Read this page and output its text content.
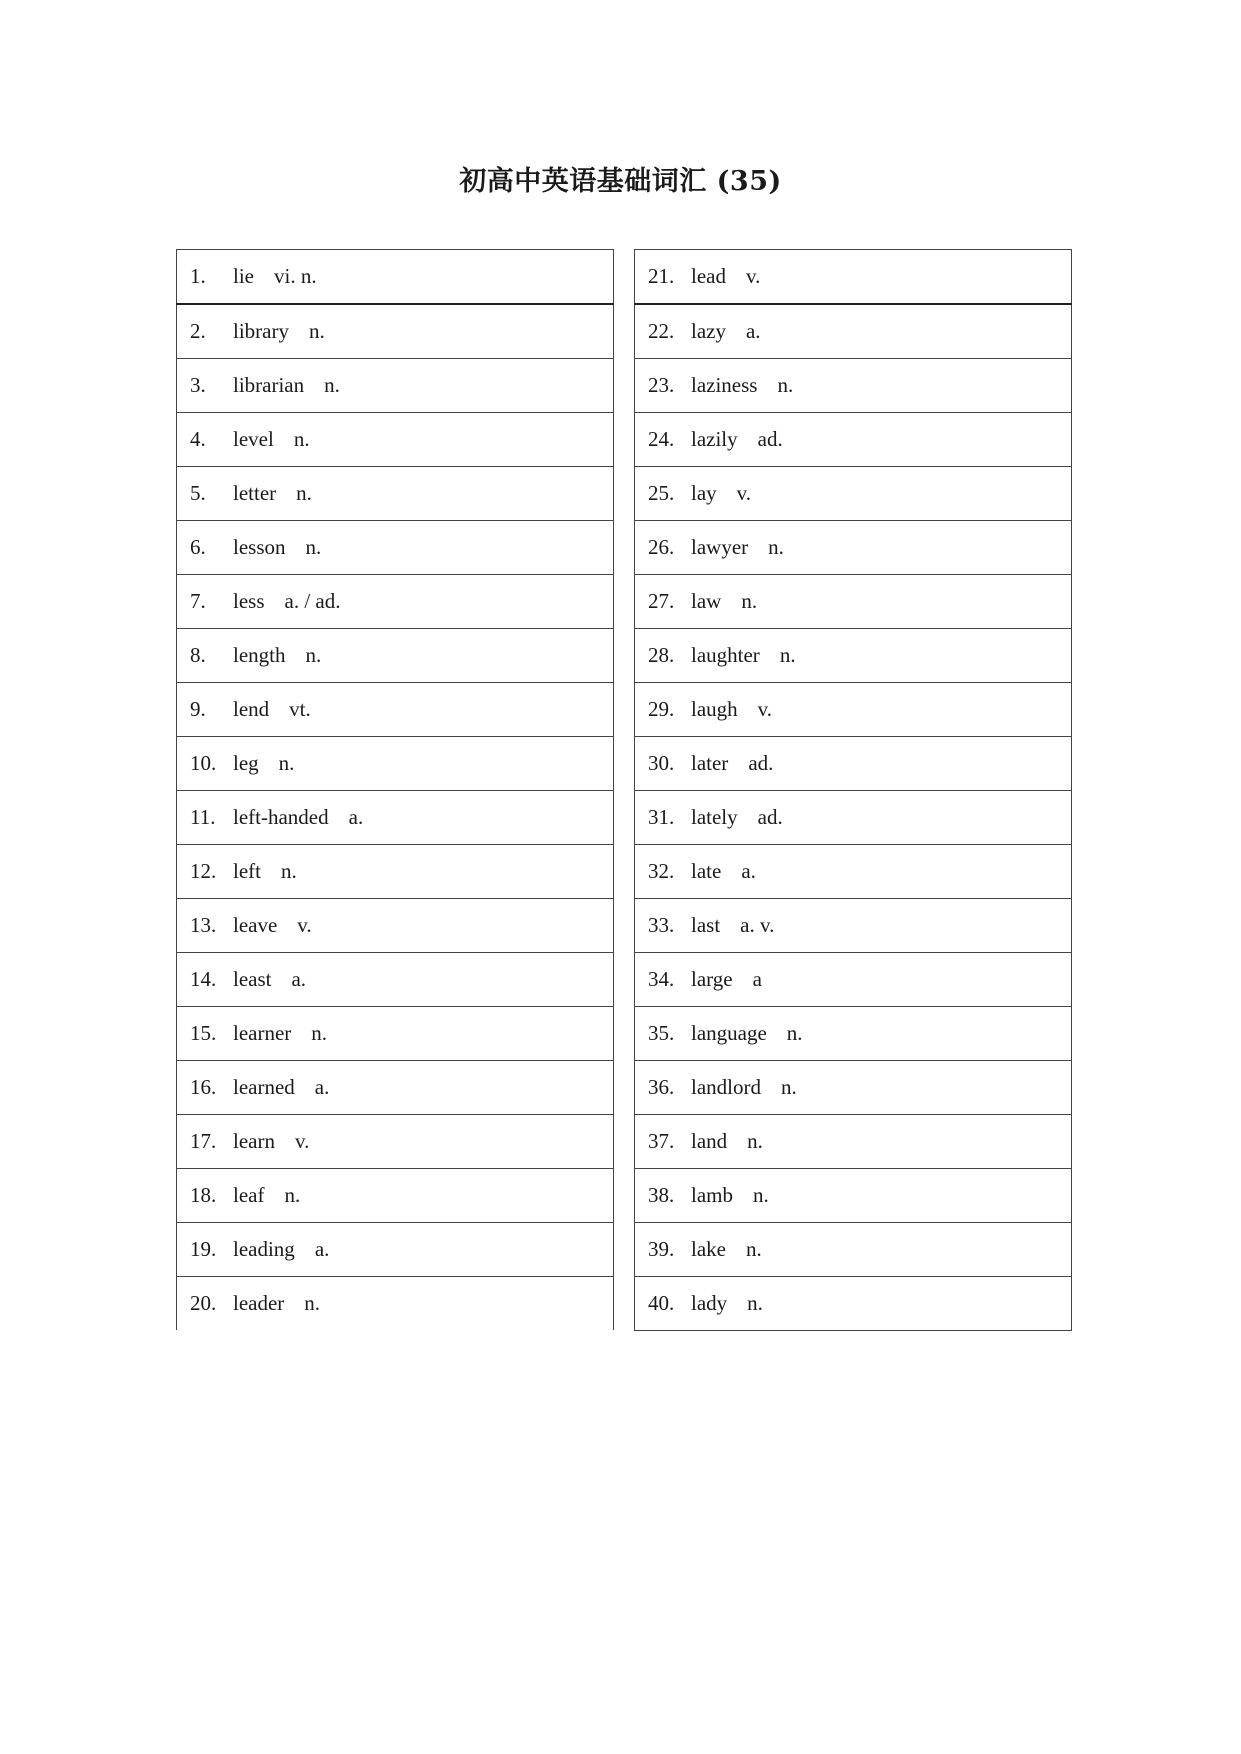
初高中英语基础词汇 (35)
1. lie vi. n.
2. library n.
3. librarian n.
4. level n.
5. letter n.
6. lesson n.
7. less a. / ad.
8. length n.
9. lend vt.
10. leg n.
11. left-handed a.
12. left n.
13. leave v.
14. least a.
15. learner n.
16. learned a.
17. learn v.
18. leaf n.
19. leading a.
20. leader n.
21. lead v.
22. lazy a.
23. laziness n.
24. lazily ad.
25. lay v.
26. lawyer n.
27. law n.
28. laughter n.
29. laugh v.
30. later ad.
31. lately ad.
32. late a.
33. last a. v.
34. large a
35. language n.
36. landlord n.
37. land n.
38. lamb n.
39. lake n.
40. lady n.
